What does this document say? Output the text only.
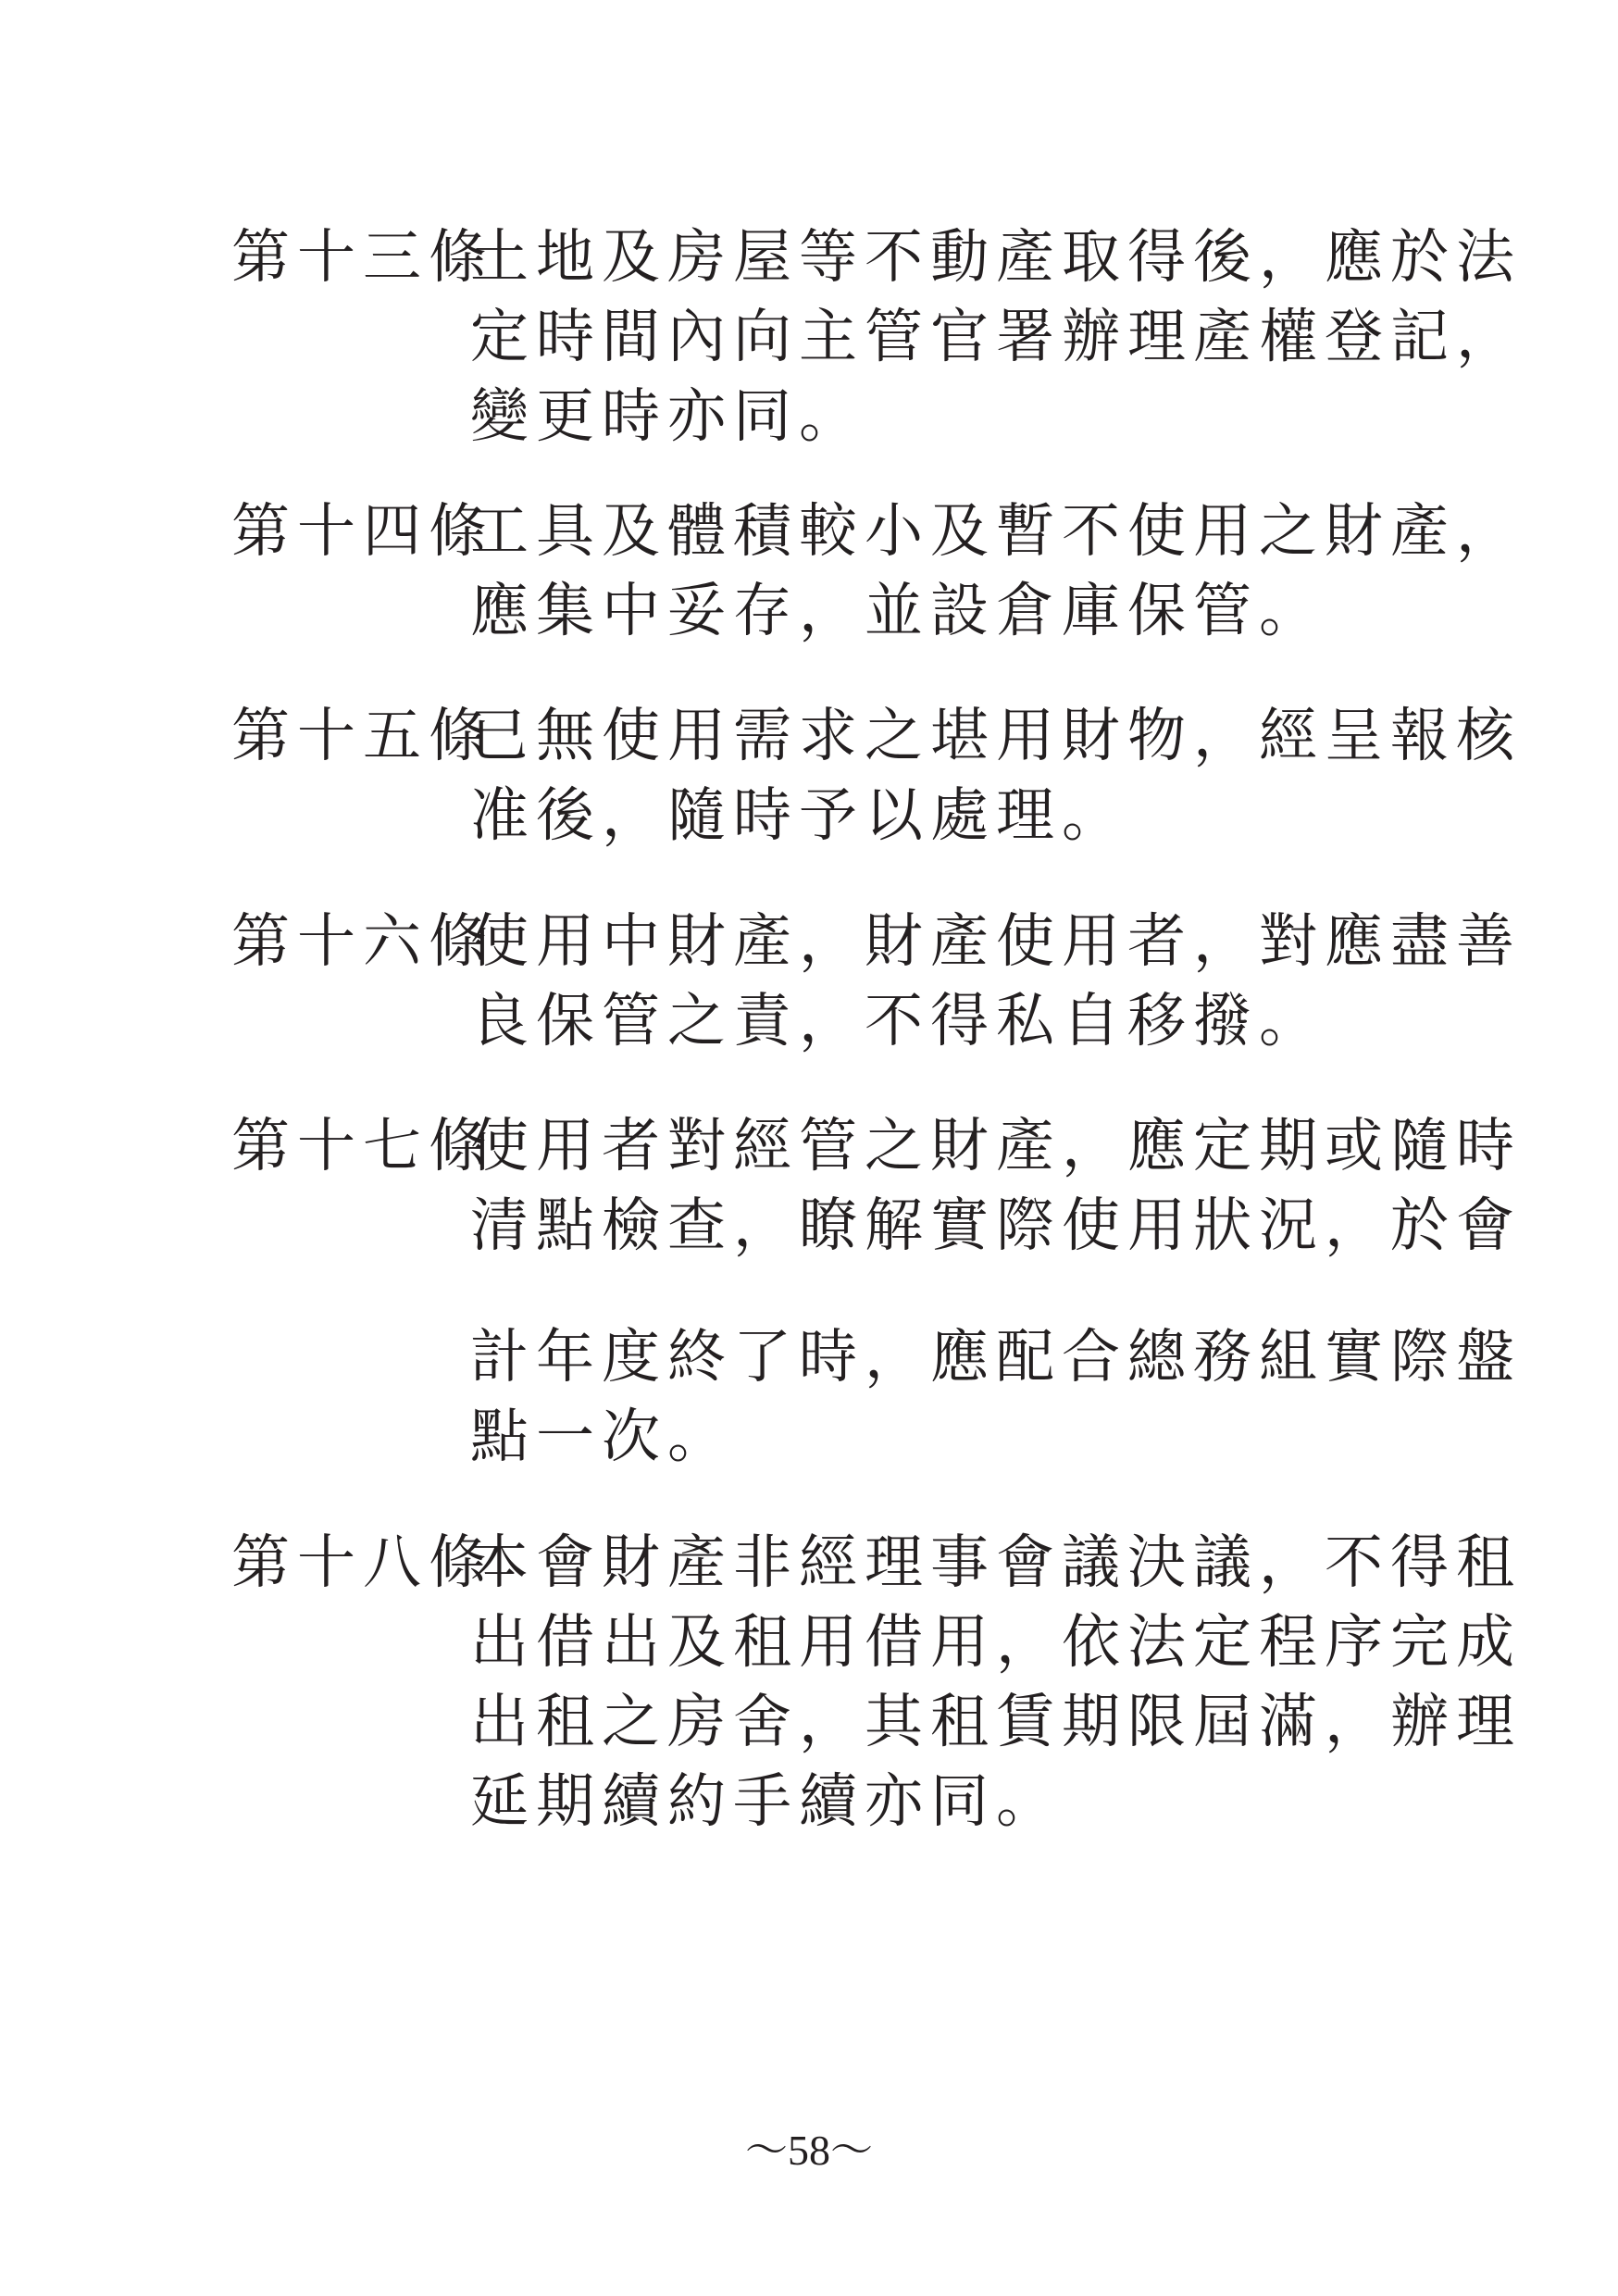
第十三條
土地及房屋等不動產取得後，應於法
定時間內向主管官署辦理產權登記，
變更時亦同。
第十四條
工具及體積較小及暫不使用之財產，
應集中妥存，並設倉庫保管。
第十五條
已無使用需求之堪用財物，經呈報核
准後，隨時予以處理。
第十六條
使用中財產，財產使用者，對應盡善
良保管之責，不得私自移撥。
第十七條
使用者對經管之財產，應定期或隨時
清點檢查，瞭解實際使用狀況，於會
計年度終了時，應配合總務組實際盤
點一次。
第十八條
本會財產非經理事會議決議，不得租
出借出及租用借用，依法定程序完成
出租之房舍，其租賃期限屆滿，辦理
延期續約手續亦同。
～58～
